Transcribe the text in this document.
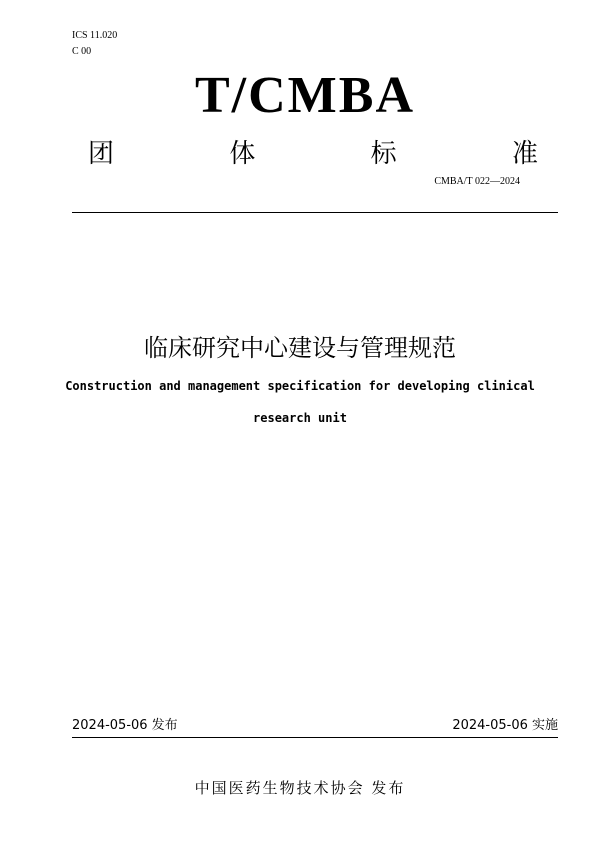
ICS 11.020
C 00
T/CMBA
团	体	标	准
CMBA/T 022—2024
临床研究中心建设与管理规范
Construction and management specification for developing clinical
research unit
2024-05-06 发布	2024-05-06 实施
中国医药生物技术协会 发布
